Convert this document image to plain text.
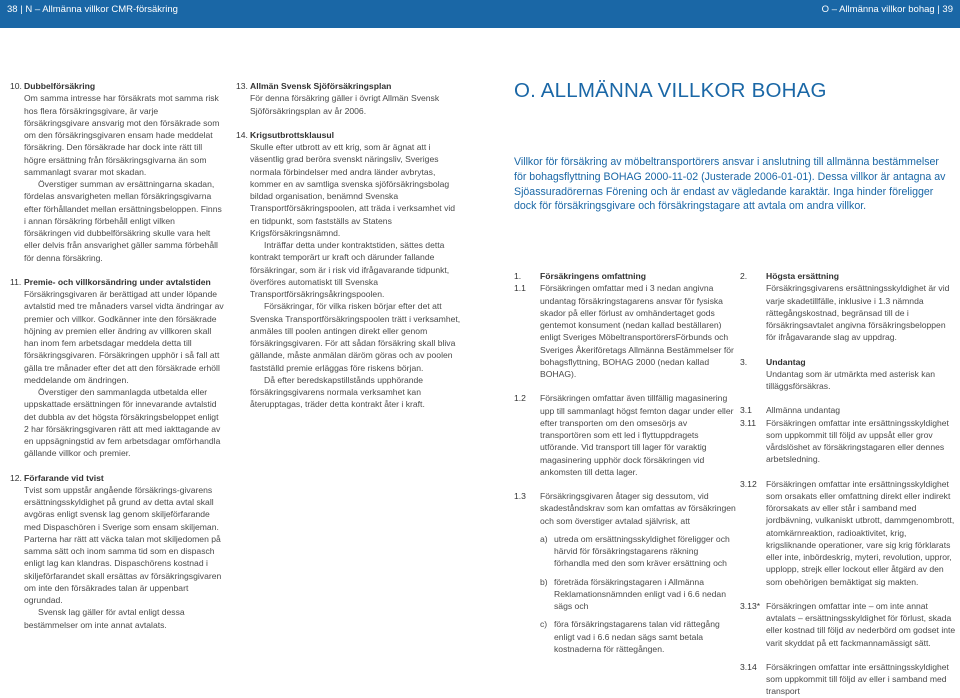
38 | N – Allmänna villkor CMR-försäkring	O – Allmänna villkor bohag | 39
10. Dubbelförsäkring

Om samma intresse har försäkrats mot samma risk hos flera försäkringsgivare, är varje försäkringsgivare ansvarig mot den försäkrade som om den försäkringsgivaren ensam hade meddelat försäkring. Den försäkrade har dock inte rätt till högre ersättning från försäkringsgivarna än som sammanlagt svarar mot skadan.

Överstiger summan av ersättningarna skadan, fördelas ansvarigheten mellan försäkringsgivarna efter förhållandet mellan ersättningsbeloppen. Finns i annan försäkring förbehåll enligt vilken försäkringen vid dubbelförsäkring skulle vara helt eller delvis från ansvarighet gäller samma förbehåll för denna försäkring.

11. Premie- och villkorsändring under avtalstiden

Försäkringsgivaren är berättigad att under löpande avtalstid med tre månaders varsel vidta ändringar av premier och villkor. Godkänner inte den försäkrade höjning av premien eller ändring av villkoren skall han inom fem arbetsdagar meddela detta till försäkringsgivaren. Försäkringen upphör i så fall att gälla tre månader efter det att den försäkrade erhöll meddelande om ändringen.

Överstiger den sammanlagda utbetalda eller uppskattade ersättningen för innevarande avtalstid det dubbla av det högsta försäkringsbeloppet enligt 2 har försäkringsgivaren rätt att med iakttagande av en uppsägningstid av fem arbetsdagar omförhandla gällande villkor och premier.

12. Förfarande vid tvist

Tvist som uppstår angående försäkrings-givarens ersättningsskyldighet på grund av detta avtal skall avgöras enligt svensk lag genom skiljeförfarande med Dispaschören i Sverige som ensam skiljeman. Parterna har rätt att väcka talan mot skiljedomen på samma sätt och inom samma tid som en dispasch enligt lag kan klandras. Dispaschörens kostnad i skiljeförfarandet skall ersättas av försäkringsgivaren om inte den försäkrades talan är uppenbart ogrundad.

Svensk lag gäller för avtal enligt dessa bestämmelser om inte annat avtalats.

13. Allmän Svensk Sjöförsäkringsplan

För denna försäkring gäller i övrigt Allmän Svensk Sjöförsäkringsplan av år 2006.

14. Krigsutbrottsklausul

Skulle efter utbrott av ett krig, som är ägnat att i väsentlig grad beröra svenskt näringsliv, Sveriges normala förbindelser med andra länder avbrytas, kommer en av samtliga svenska sjöförsäkringsbolag bildad organisation, benämnd Svenska Transportförsäkringspoolen, att träda i verksamhet vid en tidpunkt, som fastställs av Statens Krigsförsäkringsnämnd.

Inträffar detta under kontraktstiden, sättes detta kontrakt temporärt ur kraft och därunder fallande försäkringar, som är i risk vid ifrågavarande tidpunkt, överföres automatiskt till Svenska Transportförsäkringsåkringspoolen.

Försäkringar, för vilka risken börjar efter det att Svenska Transportförsäkringspoolen trätt i verksamhet, anmäles till poolen antingen direkt eller genom försäkringsgivaren. För att sådan försäkring skall bliva gällande, måste anmälan däröm göras och av poolen fastställd premie erläggas före riskens början.

Då efter beredskapstillstånds upphörande försäkringsgivarens normala verksamhet kan återupptagas, träder detta kontrakt åter i kraft.

O. ALLMÄNNA VILLKOR BOHAG
Villkor för försäkring av möbeltransportörers ansvar i anslutning till allmänna bestämmelser för bohagsflyttning BOHAG 2000-11-02 (Justerade 2006-01-01). Dessa villkor är antagna av Sjöassuradörernas Förening och är endast av vägledande karaktär. Inga hinder föreligger dock för försäkringsgivare och försäkringstagare att avtala om andra villkor.
1. Försäkringens omfattning
1.1 Försäkringen omfattar med i 3 nedan angivna undantag försäkringstagarens ansvar för fysiska skador på eller förlust av omhändertaget gods gentemot konsument (nedan kallad beställaren) enligt Sveriges MöbeltransportörersFörbunds och Sveriges Åkeriföretags Allmänna Bestämmelser för bohagsflyttning, BOHAG 2000 (nedan kallad BOHAG).

1.2 Försäkringen omfattar även tillfällig magasinering upp till sammanlagt högst femton dagar under eller efter transporten om den omsesörjs av transportören som ett led i flyttuppdragets utförande. Vid transport till lager för varaktig magasinering upphör dock försäkringen vid ankomsten till detta lager.

1.3 Försäkringsgivaren åtager sig dessutom, vid skadeståndskrav som kan omfattas av försäkringen och som överstiger avtalad självrisk, att

a) utreda om ersättningsskyldighet föreligger och härvid för försäkringstagarens räkning förhandla med den som kräver ersättning och

b) företräda försäkringstagaren i Allmänna Reklamationsnämnden enligt vad i 6.6 nedan sägs och

c) föra försäkringstagarens talan vid rättegång enligt vad i 6.6 nedan sägs samt betala kostnaderna för rättegången.

2. Högsta ersättning

Försäkringsgivarens ersättningsskyldighet är vid varje skadetillfälle, inklusive i 1.3 nämnda rättegångskostnad, begränsad till de i försäkringsavtalet angivna försäkringsbeloppen för ifrågavarande slag av uppdrag.

3. Undantag

Undantag som är utmärkta med asterisk kan tilläggsförsäkras.

3.1 Allmänna undantag

3.11 Försäkringen omfattar inte ersättningsskyldighet som uppkommit till följd av uppsåt eller grov vårdslöshet av försäkringstagaren eller dennes arbetsledning.

3.12 Försäkringen omfattar inte ersättningsskyldighet som orsakats eller omfattning direkt eller indirekt förorsakats av eller står i samband med jordbävning, vulkaniskt utbrott, dammgenombrott, atomkärnreaktion, radioaktivitet, krig, krigsliknande operationer, vare sig krig förklarats eller inte, inbördeskrig, myteri, revolution, uppror, upplopp, strejk eller lockout eller åtgärd av den som obehörigen bemäktigat sig makten.

3.13* Försäkringen omfattar inte – om inte annat avtalats – ersättningsskyldighet för förlust, skada eller kostnad till följd av nederbörd om godset inte varit skyddat på ett fackmannamässigt sätt.

3.14 Försäkringen omfattar inte ersättningsskyldighet som uppkommit till följd av eller i samband med transport
